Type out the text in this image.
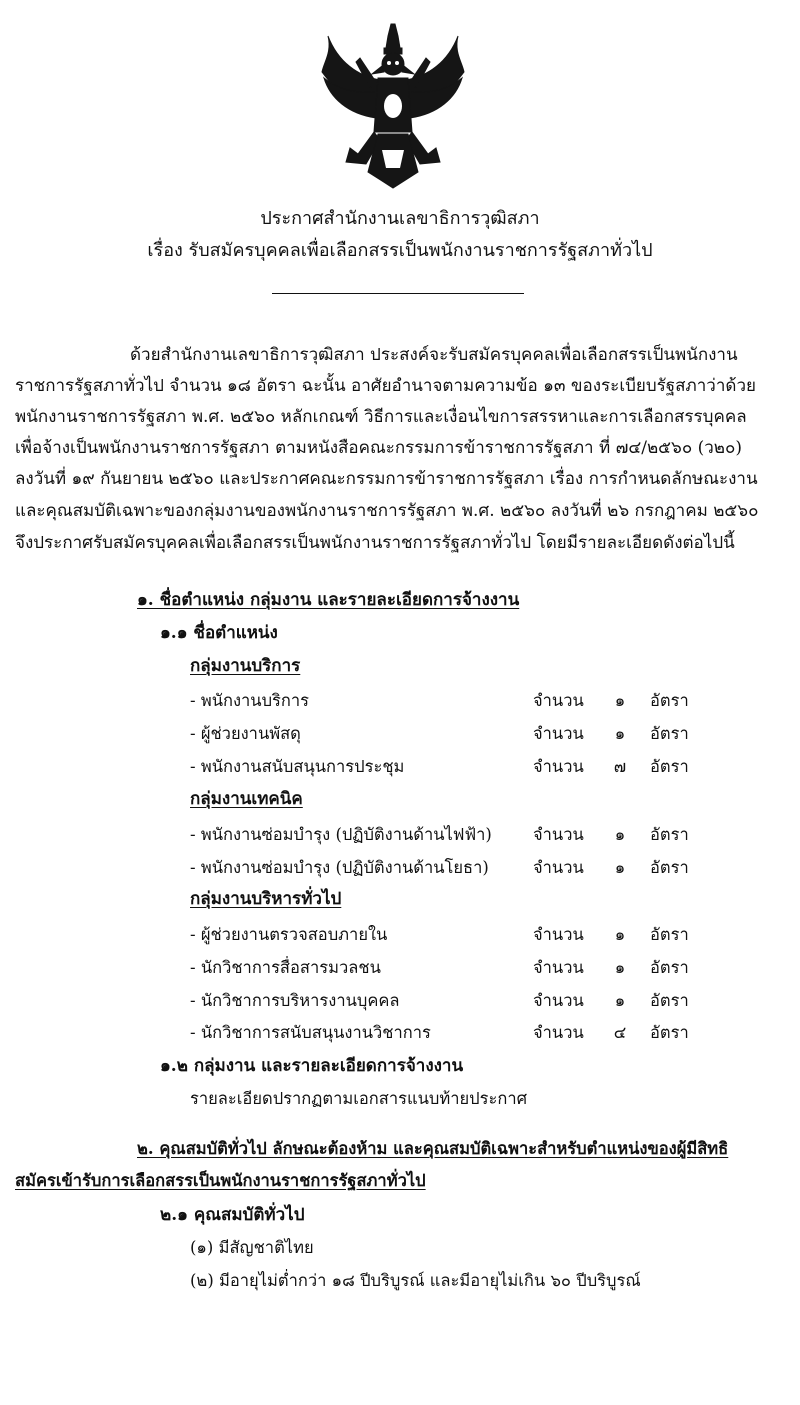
ประกาศสำนักงานเลขาธิการวุฒิสภา
เรื่อง รับสมัครบุคคลเพื่อเลือกสรรเป็นพนักงานราชการรัฐสภาทั่วไป
ด้วยสำนักงานเลขาธิการวุฒิสภา ประสงค์จะรับสมัครบุคคลเพื่อเลือกสรรเป็นพนักงาน
ราชการรัฐสภาทั่วไป จำนวน ๑๘ อัตรา ฉะนั้น อาศัยอำนาจตามความข้อ ๑๓ ของระเบียบรัฐสภาว่าด้วย
พนักงานราชการรัฐสภา พ.ศ. ๒๕๖๐ หลักเกณฑ์ วิธีการและเงื่อนไขการสรรหาและการเลือกสรรบุคคล
เพื่อจ้างเป็นพนักงานราชการรัฐสภา ตามหนังสือคณะกรรมการข้าราชการรัฐสภา ที่ ๗๔/๒๕๖๐ (ว๒๐)
ลงวันที่ ๑๙ กันยายน ๒๕๖๐ และประกาศคณะกรรมการข้าราชการรัฐสภา เรื่อง การกำหนดลักษณะงาน
และคุณสมบัติเฉพาะของกลุ่มงานของพนักงานราชการรัฐสภา พ.ศ. ๒๕๖๐ ลงวันที่ ๒๖ กรกฎาคม ๒๕๖๐
จึงประกาศรับสมัครบุคคลเพื่อเลือกสรรเป็นพนักงานราชการรัฐสภาทั่วไป โดยมีรายละเอียดดังต่อไปนี้
๑. ชื่อตำแหน่ง กลุ่มงาน และรายละเอียดการจ้างงาน
๑.๑ ชื่อตำแหน่ง
กลุ่มงานบริการ
- พนักงานบริการ	จำนวน	๑	อัตรา
- ผู้ช่วยงานพัสดุ	จำนวน	๑	อัตรา
- พนักงานสนับสนุนการประชุม	จำนวน	๗	อัตรา
กลุ่มงานเทคนิค
- พนักงานซ่อมบำรุง (ปฏิบัติงานด้านไฟฟ้า) จำนวน	๑	อัตรา
- พนักงานซ่อมบำรุง (ปฏิบัติงานด้านโยธา)	จำนวน	๑	อัตรา
กลุ่มงานบริหารทั่วไป
- ผู้ช่วยงานตรวจสอบภายใน	จำนวน	๑	อัตรา
- นักวิชาการสื่อสารมวลชน	จำนวน	๑	อัตรา
- นักวิชาการบริหารงานบุคคล	จำนวน	๑	อัตรา
- นักวิชาการสนับสนุนงานวิชาการ	จำนวน	๔	อัตรา
๑.๒ กลุ่มงาน และรายละเอียดการจ้างงาน
รายละเอียดปรากฏตามเอกสารแนบท้ายประกาศ
๒. คุณสมบัติทั่วไป ลักษณะต้องห้าม และคุณสมบัติเฉพาะสำหรับตำแหน่งของผู้มีสิทธิ
สมัครเข้ารับการเลือกสรรเป็นพนักงานราชการรัฐสภาทั่วไป
๒.๑ คุณสมบัติทั่วไป
(๑) มีสัญชาติไทย
(๒) มีอายุไม่ต่ำกว่า ๑๘ ปีบริบูรณ์ และมีอายุไม่เกิน ๖๐ ปีบริบูรณ์
